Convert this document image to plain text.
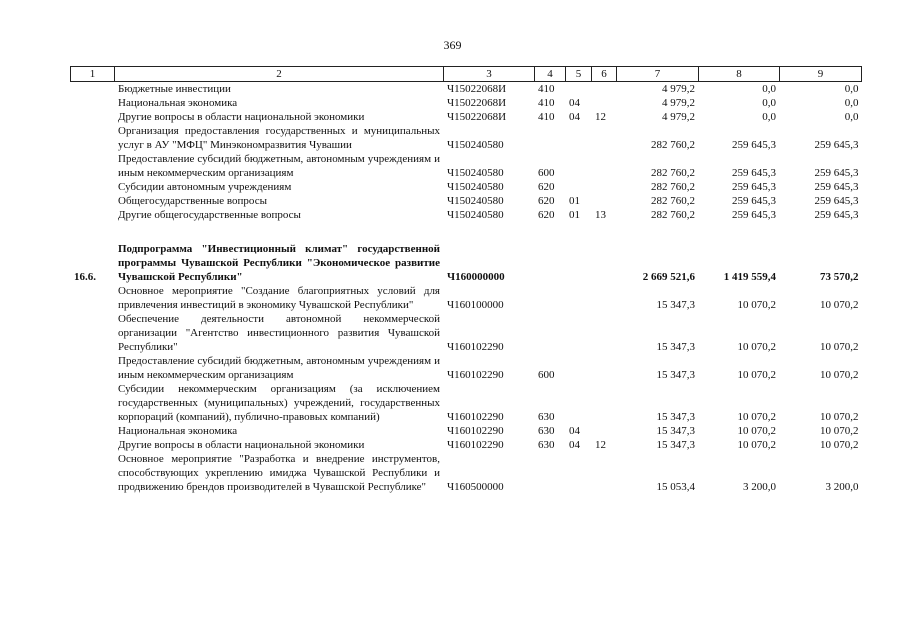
369
1	2	3	4	5	6	7	8	9
	Бюджетные инвестиции	Ч15022068И	410			4 979,2	0,0	0,0
	Национальная экономика	Ч15022068И	410	04		4 979,2	0,0	0,0
	Другие вопросы в области национальной экономики	Ч15022068И	410	04	12	4 979,2	0,0	0,0
	Организация предоставления государственных и муниципальных услуг в АУ "МФЦ" Минэкономразвития Чувашии	Ч150240580				282 760,2	259 645,3	259 645,3
	Предоставление субсидий бюджетным, автономным учреждениям и иным некоммерческим организациям	Ч150240580	600			282 760,2	259 645,3	259 645,3
	Субсидии автономным учреждениям	Ч150240580	620			282 760,2	259 645,3	259 645,3
	Общегосударственные вопросы	Ч150240580	620	01		282 760,2	259 645,3	259 645,3
	Другие общегосударственные вопросы	Ч150240580	620	01	13	282 760,2	259 645,3	259 645,3

16.6.	Подпрограмма "Инвестиционный климат" государственной программы Чувашской Республики "Экономическое развитие Чувашской Республики"	Ч160000000				2 669 521,6	1 419 559,4	73 570,2
	Основное мероприятие "Создание благоприятных условий для привлечения инвестиций в экономику Чувашской Республики"	Ч160100000				15 347,3	10 070,2	10 070,2
	Обеспечение деятельности автономной некоммерческой организации "Агентство инвестиционного развития Чувашской Республики"	Ч160102290				15 347,3	10 070,2	10 070,2
	Предоставление субсидий бюджетным, автономным учреждениям и иным некоммерческим организациям	Ч160102290	600			15 347,3	10 070,2	10 070,2
	Субсидии некоммерческим организациям (за исключением государственных (муниципальных) учреждений, государственных корпораций (компаний), публично-правовых компаний)	Ч160102290	630			15 347,3	10 070,2	10 070,2
	Национальная экономика	Ч160102290	630	04		15 347,3	10 070,2	10 070,2
	Другие вопросы в области национальной экономики	Ч160102290	630	04	12	15 347,3	10 070,2	10 070,2
	Основное мероприятие "Разработка и внедрение инструментов, способствующих укреплению имиджа Чувашской Республики и продвижению брендов производителей в Чувашской Республике"	Ч160500000				15 053,4	3 200,0	3 200,0
